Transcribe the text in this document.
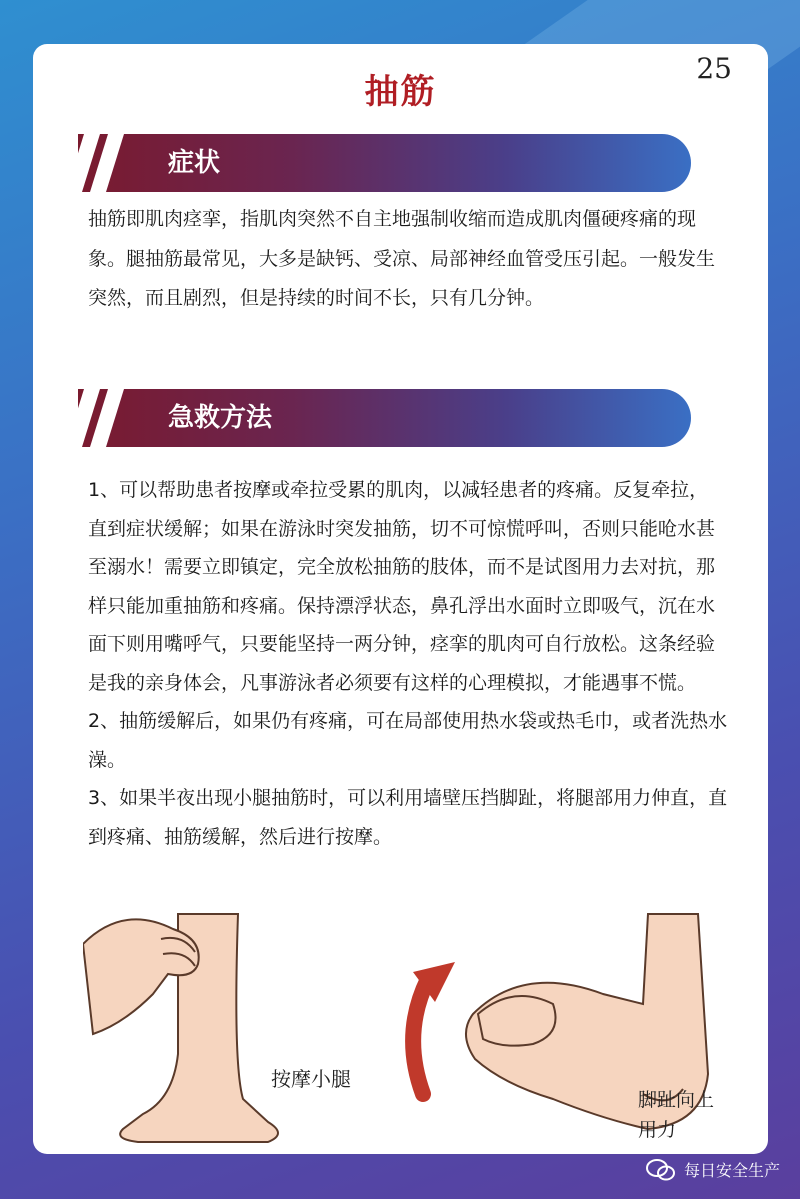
25
抽筋
症状

抽筋即肌肉痉挛，指肌肉突然不自主地强制收缩而造成肌肉僵硬疼痛的现象。腿抽筋最常见，大多是缺钙、受凉、局部神经血管受压引起。一般发生突然，而且剧烈，但是持续的时间不长，只有几分钟。

急救方法
1、可以帮助患者按摩或牵拉受累的肌肉，以减轻患者的疼痛。反复牵拉，　直到症状缓解；如果在游泳时突发抽筋，切不可惊慌呼叫，否则只能呛水甚至溺水！需要立即镇定，完全放松抽筋的肢体，而不是试图用力去对抗，那样只能加重抽筋和疼痛。保持漂浮状态，鼻孔浮出水面时立即吸气，沉在水面下则用嘴呼气，只要能坚持一两分钟，痉挛的肌肉可自行放松。这条经验是我的亲身体会，凡事游泳者必须要有这样的心理模拟，才能遇事不慌。
2、抽筋缓解后，如果仍有疼痛，可在局部使用热水袋或热毛巾，或者洗热水澡。
3、如果半夜出现小腿抽筋时，可以利用墙壁压挡脚趾，将腿部用力伸直，直到疼痛、抽筋缓解，然后进行按摩。
按摩小腿
脚趾向上
用力
每日安全生产
